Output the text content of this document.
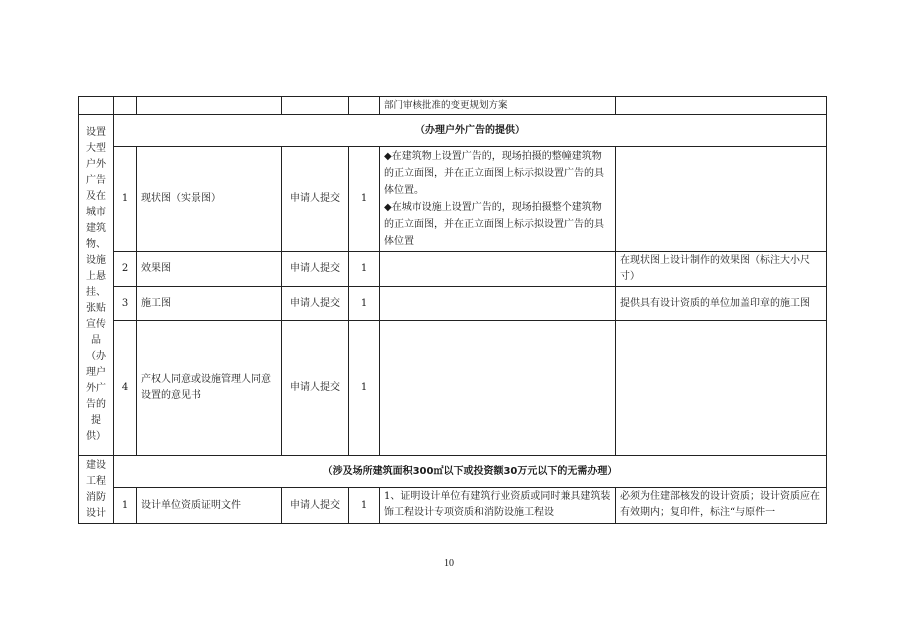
					部门审核批准的变更规划方案	

设置大型户外广告及在城市建筑物、设施上悬挂、张贴宣传品（办理户外广告的提供）	（办理户外广告的提供）					
	1	现状图（实景图）	申请人提交	1	◆在建筑物上设置广告的，现场拍摄的整幢建筑物的正立面图，并在正立面图上标示拟设置广告的具体位置。
◆在城市设施上设置广告的，现场拍摄整个建筑物的正立面图，并在正立面图上标示拟设置广告的具体位置	

	2	效果图	申请人提交	1		在现状图上设计制作的效果图（标注大小尺寸）
	3	施工图	申请人提交	1		提供具有设计资质的单位加盖印章的施工图
	4	产权人同意或设施管理人同意设置的意见书	申请人提交	1		

建设工程消防设计	（涉及场所建筑面积300㎡以下或投资额30万元以下的无需办理）					
	1	设计单位资质证明文件	申请人提交	1	1、证明设计单位有建筑行业资质或同时兼具建筑装饰工程设计专项资质和消防设施工程设	必须为住建部核发的设计资质；设计资质应在有效期内；复印件，标注“与原件一
10
